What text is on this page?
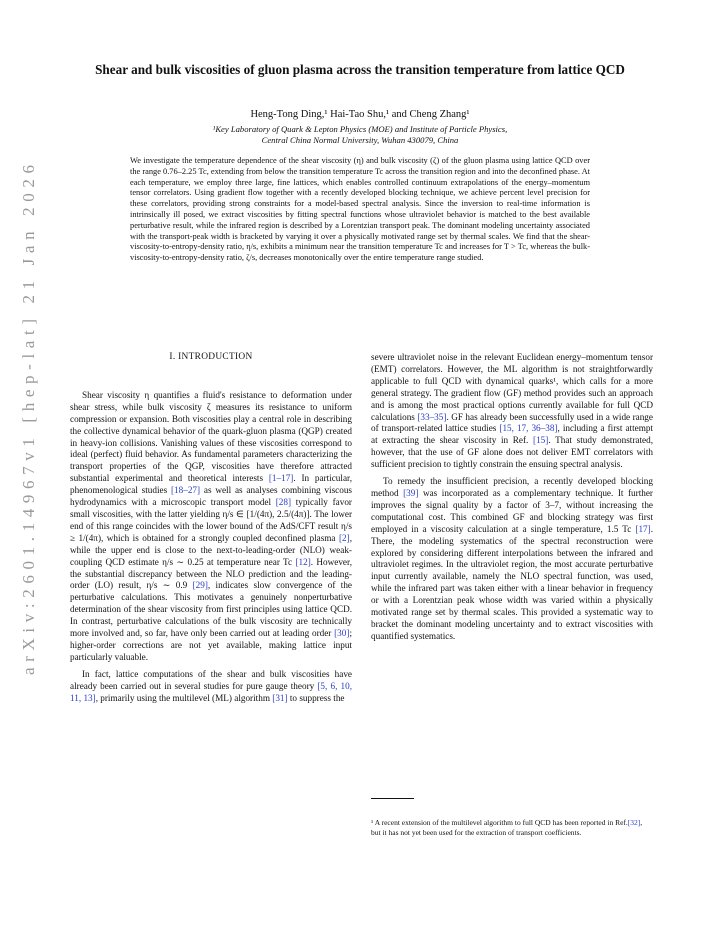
arXiv:2601.14967v1 [hep-lat] 21 Jan 2026
Shear and bulk viscosities of gluon plasma across the transition temperature from lattice QCD
Heng-Tong Ding,¹ Hai-Tao Shu,¹ and Cheng Zhang¹
¹Key Laboratory of Quark & Lepton Physics (MOE) and Institute of Particle Physics,
Central China Normal University, Wuhan 430079, China
We investigate the temperature dependence of the shear viscosity (η) and bulk viscosity (ζ) of the gluon plasma using lattice QCD over the range 0.76–2.25 Tc, extending from below the transition temperature Tc across the transition region and into the deconfined phase. At each temperature, we employ three large, fine lattices, which enables controlled continuum extrapolations of the energy–momentum tensor correlators. Using gradient flow together with a recently developed blocking technique, we achieve percent level precision for these correlators, providing strong constraints for a model-based spectral analysis. Since the inversion to real-time information is intrinsically ill posed, we extract viscosities by fitting spectral functions whose ultraviolet behavior is matched to the best available perturbative result, while the infrared region is described by a Lorentzian transport peak. The dominant modeling uncertainty associated with the transport-peak width is bracketed by varying it over a physically motivated range set by thermal scales. We find that the shear-viscosity-to-entropy-density ratio, η/s, exhibits a minimum near the transition temperature Tc and increases for T > Tc, whereas the bulk-viscosity-to-entropy-density ratio, ζ/s, decreases monotonically over the entire temperature range studied.
I. INTRODUCTION

Shear viscosity η quantifies a fluid's resistance to deformation under shear stress, while bulk viscosity ζ measures its resistance to uniform compression or expansion. Both viscosities play a central role in describing the collective dynamical behavior of the quark-gluon plasma (QGP) created in heavy-ion collisions. Vanishing values of these viscosities correspond to ideal (perfect) fluid behavior. As fundamental parameters characterizing the transport properties of the QGP, viscosities have therefore attracted substantial experimental and theoretical interests [1–17]. In particular, phenomenological studies [18–27] as well as analyses combining viscous hydrodynamics with a microscopic transport model [28] typically favor small viscosities, with the latter yielding η/s ∈ [1/(4π), 2.5/(4π)]. The lower end of this range coincides with the lower bound of the AdS/CFT result η/s ≥ 1/(4π), which is obtained for a strongly coupled deconfined plasma [2], while the upper end is close to the next-to-leading-order (NLO) weak-coupling QCD estimate η/s ∼ 0.25 at temperature near Tc [12]. However, the substantial discrepancy between the NLO prediction and the leading-order (LO) result, η/s ∼ 0.9 [29], indicates slow convergence of the perturbative calculations. This motivates a genuinely nonperturbative determination of the shear viscosity from first principles using lattice QCD. In contrast, perturbative calculations of the bulk viscosity are technically more involved and, so far, have only been carried out at leading order [30]; higher-order corrections are not yet available, making lattice input particularly valuable.

In fact, lattice computations of the shear and bulk viscosities have already been carried out in several studies for pure gauge theory [5, 6, 10, 11, 13], primarily using the multilevel (ML) algorithm [31] to suppress the

severe ultraviolet noise in the relevant Euclidean energy–momentum tensor (EMT) correlators. However, the ML algorithm is not straightforwardly applicable to full QCD with dynamical quarks¹, which calls for a more general strategy. The gradient flow (GF) method provides such an approach and is among the most practical options currently available for full QCD calculations [33–35]. GF has already been successfully used in a wide range of transport-related lattice studies [15, 17, 36–38], including a first attempt at extracting the shear viscosity in Ref. [15]. That study demonstrated, however, that the use of GF alone does not deliver EMT correlators with sufficient precision to tightly constrain the ensuing spectral analysis.

To remedy the insufficient precision, a recently developed blocking method [39] was incorporated as a complementary technique. It further improves the signal quality by a factor of 3–7, without increasing the computational cost. This combined GF and blocking strategy was first employed in a viscosity calculation at a single temperature, 1.5 Tc [17]. There, the modeling systematics of the spectral reconstruction were explored by considering different interpolations between the infrared and ultraviolet regimes. In the ultraviolet region, the most accurate perturbative input currently available, namely the NLO spectral function, was used, while the infrared part was taken either with a linear behavior in frequency or with a Lorentzian peak whose width was varied within a physically motivated range set by thermal scales. This provided a systematic way to bracket the dominant modeling uncertainty and to extract viscosities with quantified systematics.

¹ A recent extension of the multilevel algorithm to full QCD has been reported in Ref.[32], but it has not yet been used for the extraction of transport coefficients.
